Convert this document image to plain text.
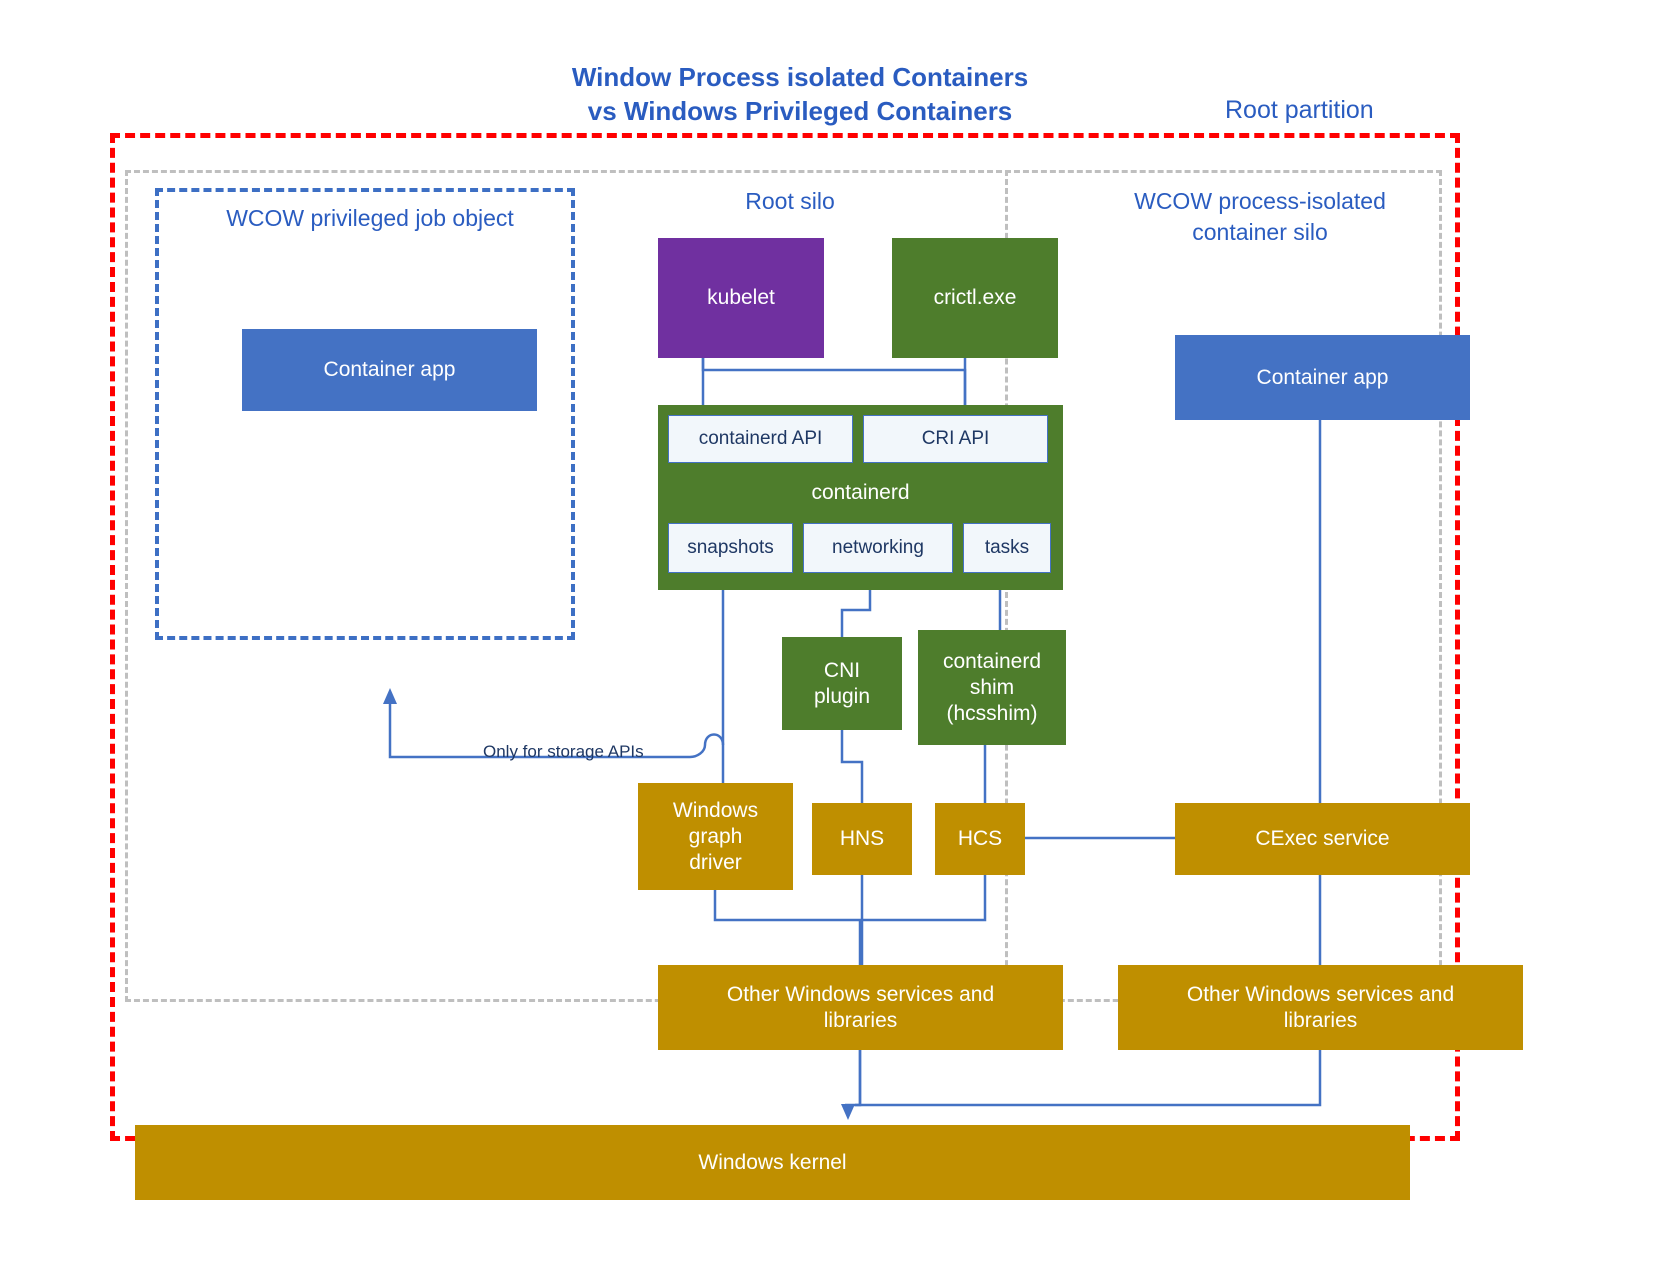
Window Process isolated Containers
vs Windows Privileged Containers	Root partition
WCOW privileged job object
Root silo	WCOW process-isolated
container silo
Only for storage APIs
Container app
kubelet	crictl.exe
containerd API	CRI API
containerd
snapshots	networking	tasks
CNI
plugin
containerd
shim
(hcsshim)
Windows
graph
driver
HNS	HCS	CExec service
Container app
Other Windows services and
libraries
Other Windows services and
libraries
Windows kernel
